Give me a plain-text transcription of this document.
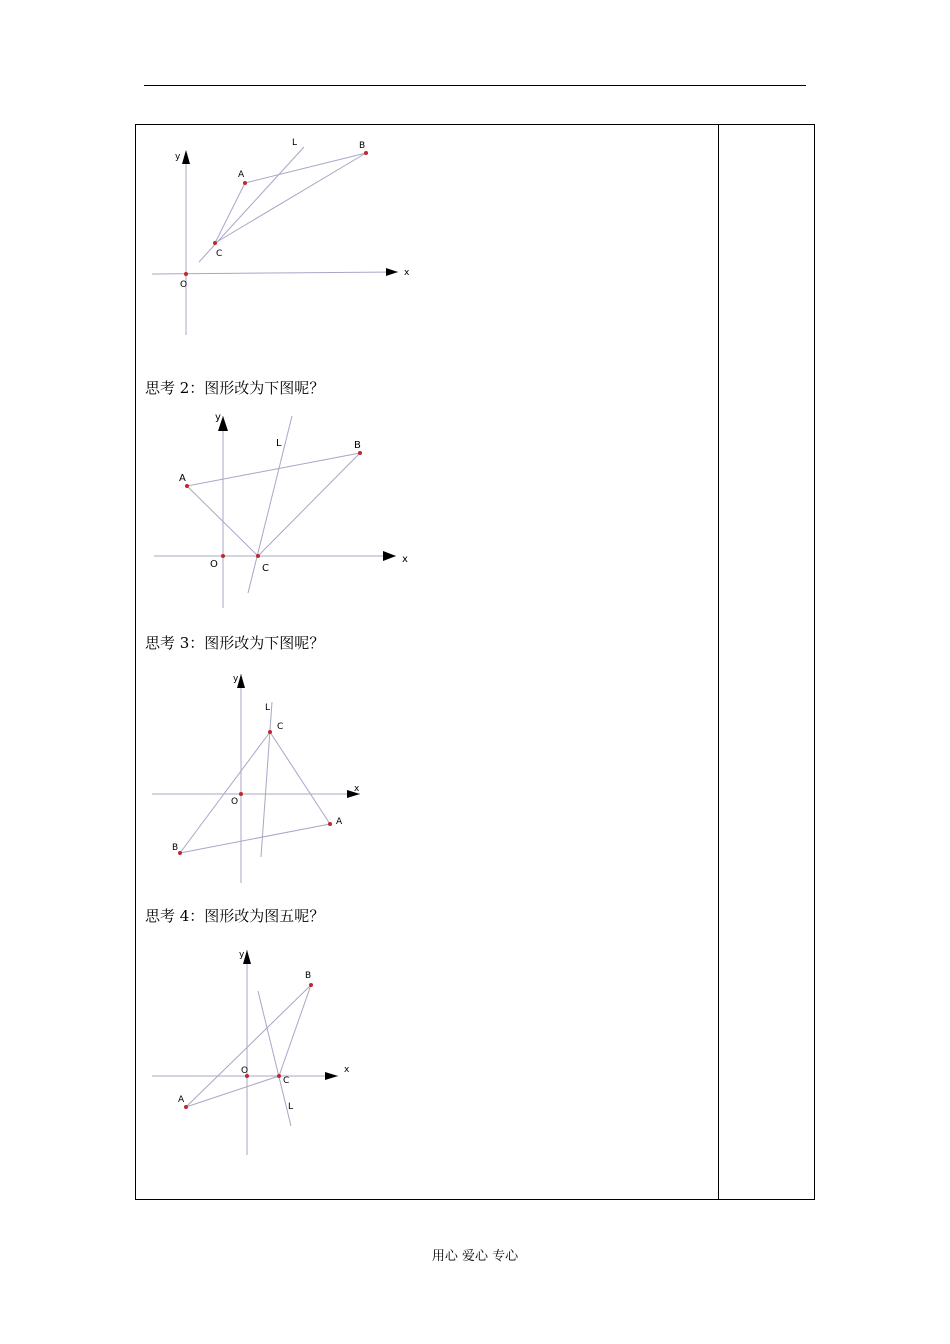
思考 2：图形改为下图呢？
思考 3：图形改为下图呢？
思考 4：图形改为图五呢？
x
y
O
A
B
C
L
x
y
O
A
B
C
L
x
y
O
A
B
C
L
x
y
O
A
B
C
L
用心 爱心 专心
